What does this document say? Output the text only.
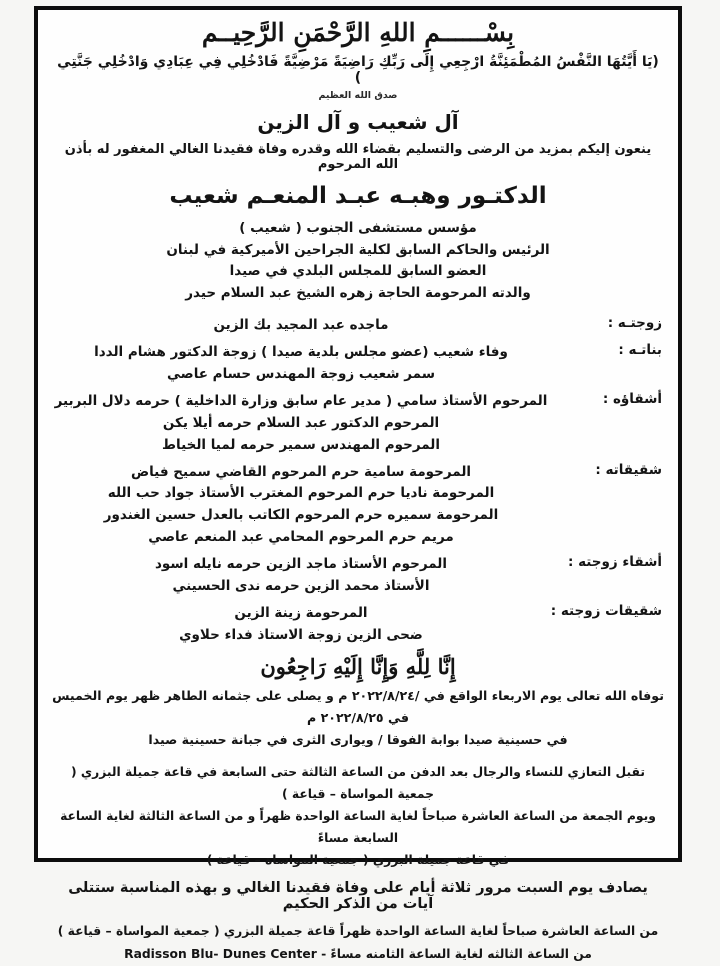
بِسْــــــمِ اللهِ الرَّحْمَنِ الرَّحِيــم
(يَا أَيَّتُهَا النَّفْسُ المُطْمَئِنَّةُ ارْجِعِي إِلَى رَبِّكِ رَاضِيَةً مَرْضِيَّةً فَادْخُلِي فِي عِبَادِي وَادْخُلِي جَنَّتِي )
صدق الله العظيم
آل شعيب و آل الزين
ينعون إليكم بمزيد من الرضى والتسليم بقضاء الله وقدره وفاة فقيدنا الغالي المغفور له بأذن الله المرحوم
الدكتـور وهبـه عبـد المنعـم شعيب
مؤسس مستشفى الجنوب ( شعيب )
الرئيس والحاكم السابق لكلية الجراحين الأميركية في لبنان
العضو السابق للمجلس البلدي في صيدا
والدته المرحومة الحاجة زهره الشيخ عبد السلام حيدر
زوجتـه :
ماجده عبد المجيد بك الزين
بناتـه :
وفاء شعيب (عضو مجلس بلدية صيدا ) زوجة الدكتور هشام الددا
سمر شعيب زوجة المهندس حسام عاصي
أشقاؤه :
المرحوم الأستاذ سامي ( مدير عام سابق وزارة الداخلية ) حرمه دلال البربير
المرحوم الدكتور عبد السلام حرمه أيلا يكن
المرحوم المهندس سمير حرمه لميا الخياط
شقيقاته :
المرحومة سامية حرم المرحوم القاضي سميح فياض
المرحومة ناديا حرم المرحوم المغترب الأستاذ جواد حب الله
المرحومة سميره حرم المرحوم الكاتب بالعدل حسين الغندور
مريم حرم المرحوم المحامي عبد المنعم عاصي
أشقاء زوجته :
المرحوم الأستاذ ماجد الزين حرمه نايله اسود
الأستاذ محمد الزين حرمه ندى الحسيني
شقيقات زوجته :
المرحومة زينة الزين
ضحى الزين زوجة الاستاذ فداء حلاوي
إِنَّا لِلَّهِ وَإِنَّا إِلَيْهِ رَاجِعُون
توفاه الله تعالى يوم الاربعاء الواقع في /٢٠٢٢/٨/٢٤ م و يصلى على جثمانه الطاهر ظهر يوم الخميس في ٢٠٢٢/٨/٢٥ م
في حسينية صيدا بوابة الفوقا / ويوارى الثرى في جبانة حسينية صيدا
تقبل التعازي للنساء والرجال بعد الدفن من الساعة الثالثة حتى السابعة في قاعة جميلة البزري ( جمعية المواساة – قياعة )
ويوم الجمعة من الساعة العاشرة صباحاً لغاية الساعة الواحدة ظهراً و من الساعة الثالثة لغاية الساعة السابعة مساءً
في قاعة جميلة البزري ( جمعية المواساة – قياعة )
يصادف يوم السبت مرور ثلاثة أيام على وفاة فقيدنا الغالي و بهذه المناسبة ستتلى آيات من الذكر الحكيم
من الساعة العاشرة صباحاً لغاية الساعة الواحدة ظهراً قاعة جميلة البزري ( جمعية المواساة – قياعة )
من الساعة الثالثه لغاية الساعة الثامنه مساءً - Radisson Blu- Dunes Center
